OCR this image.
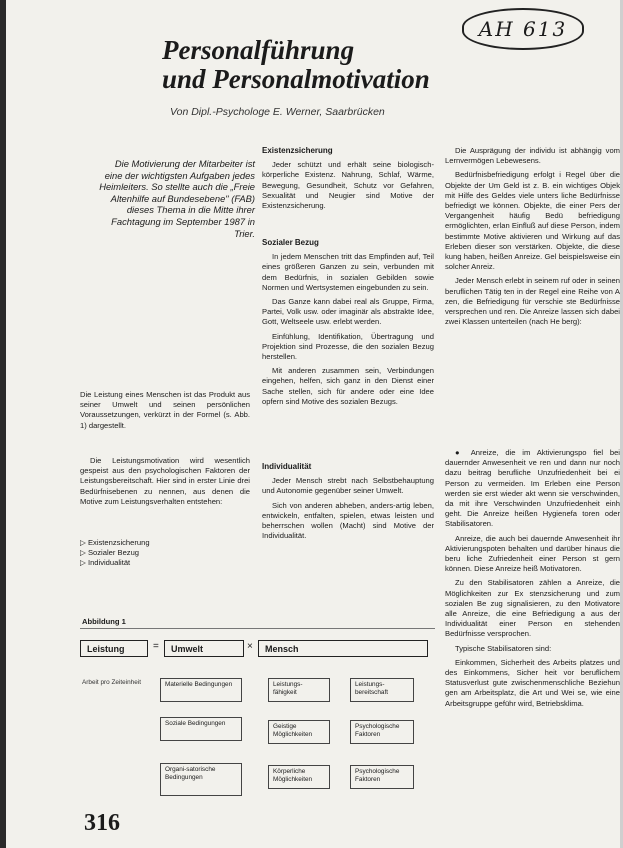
AH 613
Personalführung
und Personalmotivation
Von Dipl.-Psychologe E. Werner, Saarbrücken
Die Motivierung der Mitarbeiter ist eine der wichtigsten Aufgaben jedes Heimleiters. So stellte auch die „Freie Altenhilfe auf Bundesebene" (FAB) dieses Thema in die Mitte ihrer Fachtagung im September 1987 in Trier.

Die Leistung eines Menschen ist das Produkt aus seiner Umwelt und seinen persönlichen Voraussetzungen, verkürzt in der Formel (s. Abb. 1) dargestellt.

Die Leistungsmotivation wird wesentlich gespeist aus den psychologischen Faktoren der Leistungsbereitschaft. Hier sind in erster Linie drei Bedürfnisebenen zu nennen, aus denen die Motive zum Leistungsverhalten entstehen:

▷ Existenzsicherung
▷ Sozialer Bezug
▷ Individualität
Existenzsicherung

Jeder schützt und erhält seine biologisch-körperliche Existenz. Nahrung, Schlaf, Wärme, Bewegung, Gesundheit, Schutz vor Gefahren, Sexualität und Neugier sind Motive der Existenzsicherung.

Sozialer Bezug

In jedem Menschen tritt das Empfinden auf, Teil eines größeren Ganzen zu sein, verbunden mit dem Bedürfnis, in sozialen Gebilden sowie Normen und Wertsystemen eingebunden zu sein.

Das Ganze kann dabei real als Gruppe, Firma, Partei, Volk usw. oder imaginär als abstrakte Idee, Gott, Weltseele usw. erlebt werden.

Einfühlung, Identifikation, Übertragung und Projektion sind Prozesse, die den sozialen Bezug herstellen.

Mit anderen zusammen sein, Verbindungen eingehen, helfen, sich ganz in den Dienst einer Sache stellen, sich für andere oder eine Idee opfern sind Motive des sozialen Bezugs.

Individualität

Jeder Mensch strebt nach Selbstbehauptung und Autonomie gegenüber seiner Umwelt.

Sich von anderen abheben, anders-artig leben, entwickeln, entfalten, spielen, etwas leisten und beherrschen wollen (Macht) sind Motive der Individualität.

Die Ausprägung der individu ist abhängig vom Lernvermögen Lebewesens.

Bedürfnisbefriedigung erfolgt i Regel über die Objekte der Um Geld ist z. B. ein wichtiges Objek mit Hilfe des Geldes viele unters liche Bedürfnisse befriedigt we können. Objekte, die einer Pers der Vergangenheit häufig Bedü befriedigung ermöglichten, erlan Einfluß auf diese Person, indem bestimmte Motive aktivieren und Wirkung auf das Erleben dieser son verstärken. Objekte, die diese kung haben, heißen Anreize. Gel beispielsweise ein solcher Anreiz.

Jeder Mensch erlebt in seinem ruf oder in seinen beruflichen Tätig ten in der Regel eine Reihe von A zen, die Befriedigung für verschie ste Bedürfnisse versprechen und ren. Die Anreize lassen sich dabei zwei Klassen unterteilen (nach He berg):

● Anreize, die im Aktivierungspo fiel bei dauernder Anwesenheit ve ren und dann nur noch dazu beitrag berufliche Unzufriedenheit bei ei Person zu vermeiden. Im Erleben eine Person werden sie erst wieder akt wenn sie verschwinden, da mit ihre Verschwinden Unzufriedenheit einh geht. Die Anreize heißen Hygienefa toren oder Stabilisatoren.

Anreize, die auch bei dauernde Anwesenheit ihr Aktivierungspoten behalten und darüber hinaus die beru liche Zufriedenheit einer Person st gern können. Diese Anreize heiß Motivatoren.

Zu den Stabilisatoren zählen a Anreize, die Möglichkeiten zur Ex stenzsicherung und zum sozialen Be zug signalisieren, zu den Motivatore alle Anreize, die eine Befriedigung a aus der Individualität einer Person en stehenden Bedürfnisse versprochen.

Typische Stabilisatoren sind:

Einkommen, Sicherheit des Arbeits platzes und des Einkommens, Sicher heit vor beruflichem Statusverlust gute zwischenmenschliche Beziehun gen am Arbeitsplatz, die Art und Wei se, wie eine Arbeitsgruppe geführ wird, Betriebsklima.

Abbildung 1
Leistung	=	Umwelt	×	Mensch
Arbeit pro Zeiteinheit	Materielle Bedingungen
Soziale Bedingungen
Organi-satorische Bedingungen
Leistungs-fähigkeit
Leistungs-bereitschaft
Geistige Möglichkeiten
Psychologische Faktoren
Körperliche Möglichkeiten
Psychologische Faktoren
316
